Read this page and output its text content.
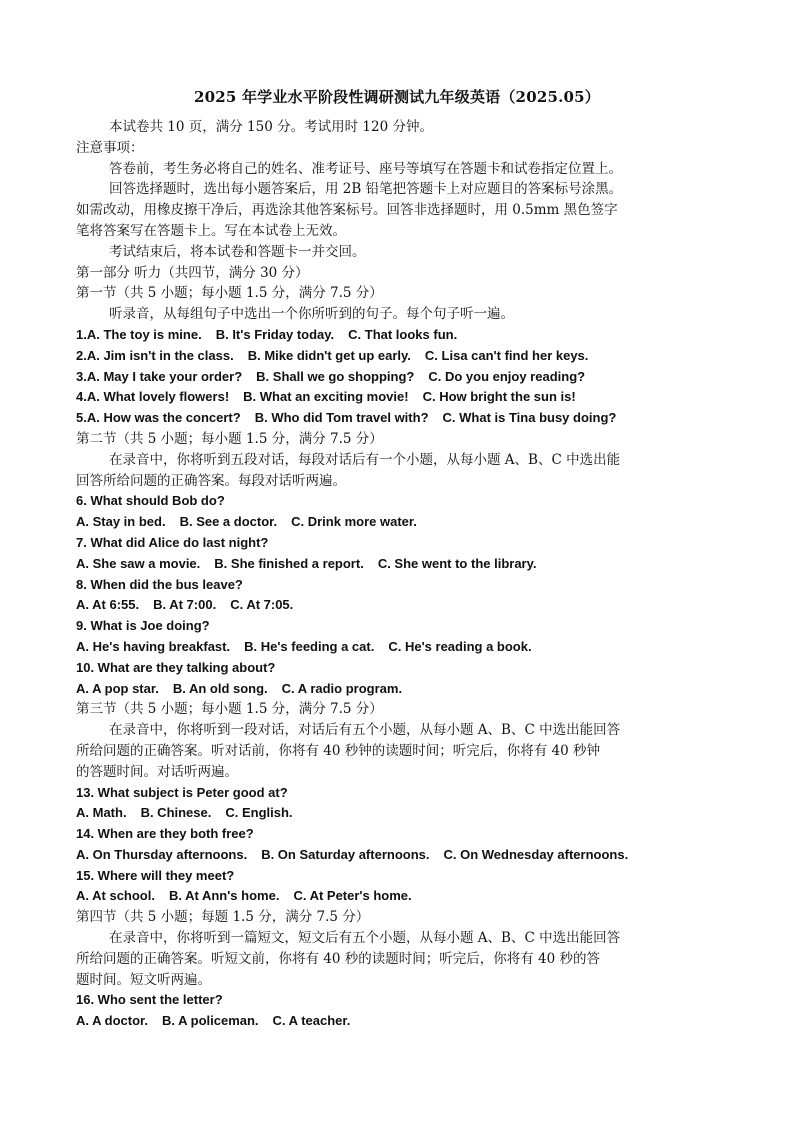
2025 年学业水平阶段性调研测试九年级英语（2025.05）
本试卷共 10 页，满分 150 分。考试用时 120 分钟。
注意事项：
答卷前，考生务必将自己的姓名、准考证号、座号等填写在答题卡和试卷指定位置上。
回答选择题时，选出每小题答案后，用 2B 铅笔把答题卡上对应题目的答案标号涂黑。
如需改动，用橡皮擦干净后，再选涂其他答案标号。回答非选择题时，用 0.5mm 黑色签字
笔将答案写在答题卡上。写在本试卷上无效。
考试结束后，将本试卷和答题卡一并交回。
第一部分 听力（共四节，满分 30 分）
第一节（共 5 小题；每小题 1.5 分，满分 7.5 分）
听录音，从每组句子中选出一个你所听到的句子。每个句子听一遍。
1.A. The toy is mine. B. It's Friday today. C. That looks fun.
2.A. Jim isn't in the class. B. Mike didn't get up early. C. Lisa can't find her keys.
3.A. May I take your order? B. Shall we go shopping? C. Do you enjoy reading?
4.A. What lovely flowers! B. What an exciting movie! C. How bright the sun is!
5.A. How was the concert? B. Who did Tom travel with? C. What is Tina busy doing?
第二节（共 5 小题；每小题 1.5 分，满分 7.5 分）
在录音中，你将听到五段对话，每段对话后有一个小题，从每小题 A、B、C 中选出能
回答所给问题的正确答案。每段对话听两遍。
6. What should Bob do?
A. Stay in bed. B. See a doctor. C. Drink more water.
7. What did Alice do last night?
A. She saw a movie. B. She finished a report. C. She went to the library.
8. When did the bus leave?
A. At 6:55. B. At 7:00. C. At 7:05.
9. What is Joe doing?
A. He's having breakfast. B. He's feeding a cat. C. He's reading a book.
10. What are they talking about?
A. A pop star. B. An old song. C. A radio program.
第三节（共 5 小题；每小题 1.5 分，满分 7.5 分）
在录音中，你将听到一段对话，对话后有五个小题，从每小题 A、B、C 中选出能回答
所给问题的正确答案。听对话前，你将有 40 秒钟的读题时间；听完后，你将有 40 秒钟
的答题时间。对话听两遍。
13. What subject is Peter good at?
A. Math. B. Chinese. C. English.
14. When are they both free?
A. On Thursday afternoons. B. On Saturday afternoons. C. On Wednesday afternoons.
15. Where will they meet?
A. At school. B. At Ann's home. C. At Peter's home.
第四节（共 5 小题；每题 1.5 分，满分 7.5 分）
在录音中，你将听到一篇短文，短文后有五个小题，从每小题 A、B、C 中选出能回答
所给问题的正确答案。听短文前，你将有 40 秒的读题时间；听完后，你将有 40 秒的答
题时间。短文听两遍。
16. Who sent the letter?
A. A doctor. B. A policeman. C. A teacher.
